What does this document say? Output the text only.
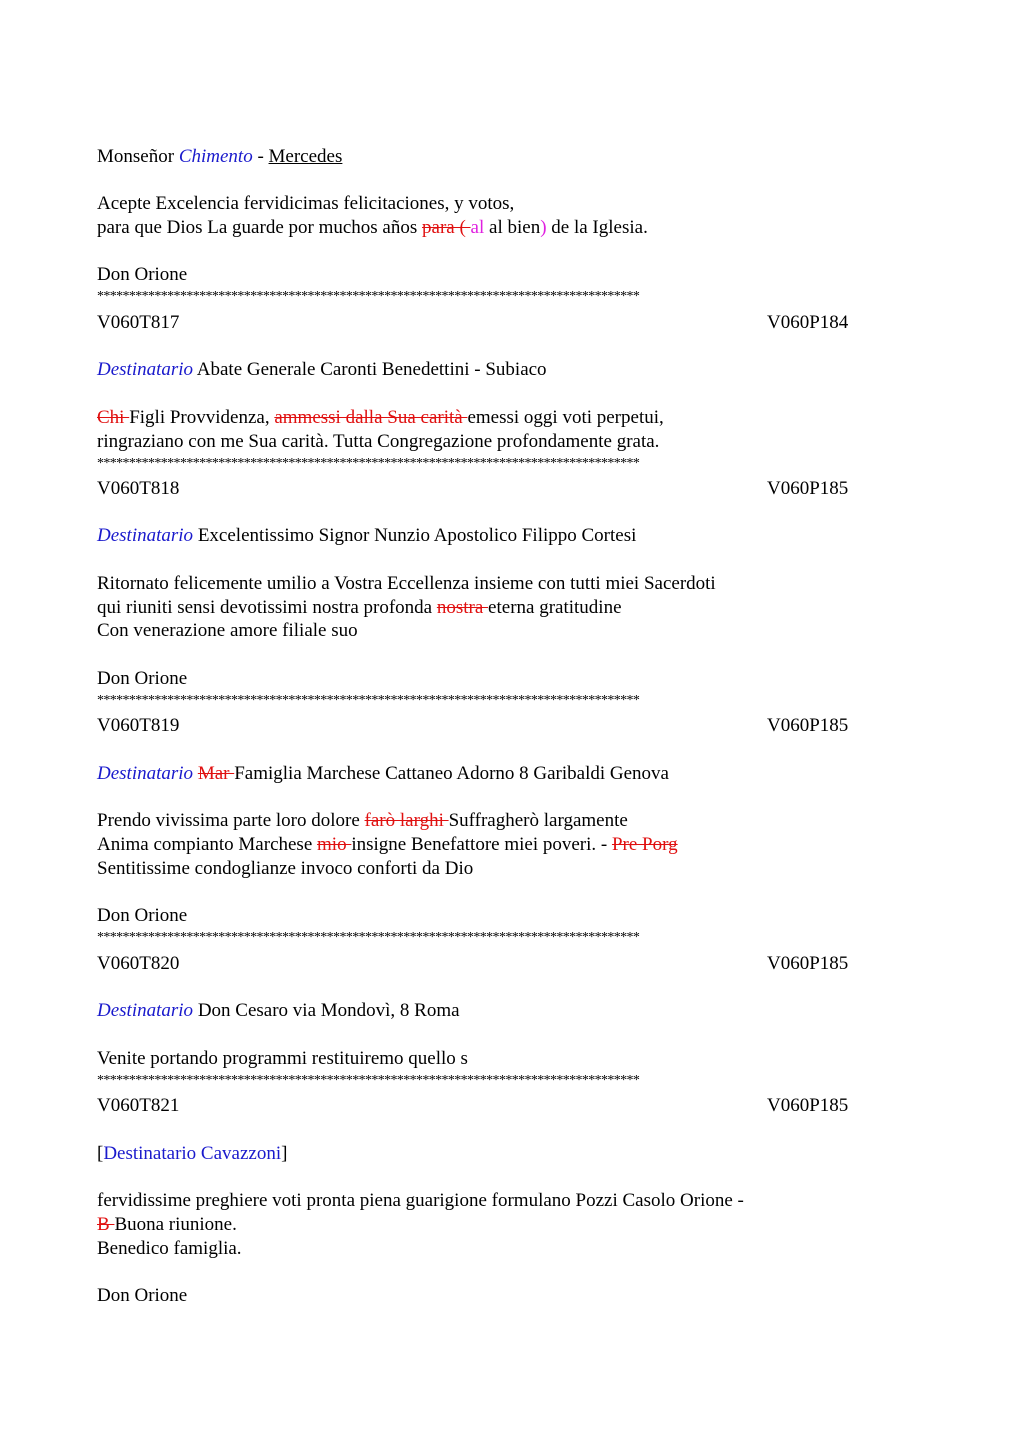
Monseñor Chimento - Mercedes
Acepte Excelencia fervidicimas felicitaciones, y votos,
para que Dios La guarde por muchos años para ( al al bien) de la Iglesia.
Don Orione
*************************************************************************************
V060T817	V060P184
Destinatario Abate Generale Caronti Benedettini - Subiaco
Chi Figli Provvidenza, ammessi dalla Sua carità emessi oggi voti perpetui,
ringraziano con me Sua carità. Tutta Congregazione profondamente grata.
*************************************************************************************
V060T818	V060P185
Destinatario Excelentissimo Signor Nunzio Apostolico Filippo Cortesi
Ritornato felicemente umilio a Vostra Eccellenza insieme con tutti miei Sacerdoti
qui riuniti sensi devotissimi nostra profonda nostra eterna gratitudine
Con venerazione amore filiale suo
Don Orione
*************************************************************************************
V060T819	V060P185
Destinatario Mar Famiglia Marchese Cattaneo Adorno 8 Garibaldi Genova
Prendo vivissima parte loro dolore farò larghi Suffragherò largamente
Anima compianto Marchese mio insigne Benefattore miei poveri. - Pre Porg
Sentitissime condoglianze invoco conforti da Dio
Don Orione
*************************************************************************************
V060T820	V060P185
Destinatario Don Cesaro via Mondovì, 8 Roma
Venite portando programmi restituiremo quello s
*************************************************************************************
V060T821	V060P185
[Destinatario Cavazzoni]
fervidissime preghiere voti pronta piena guarigione formulano Pozzi Casolo Orione -
B Buona riunione.
Benedico famiglia.
Don Orione
